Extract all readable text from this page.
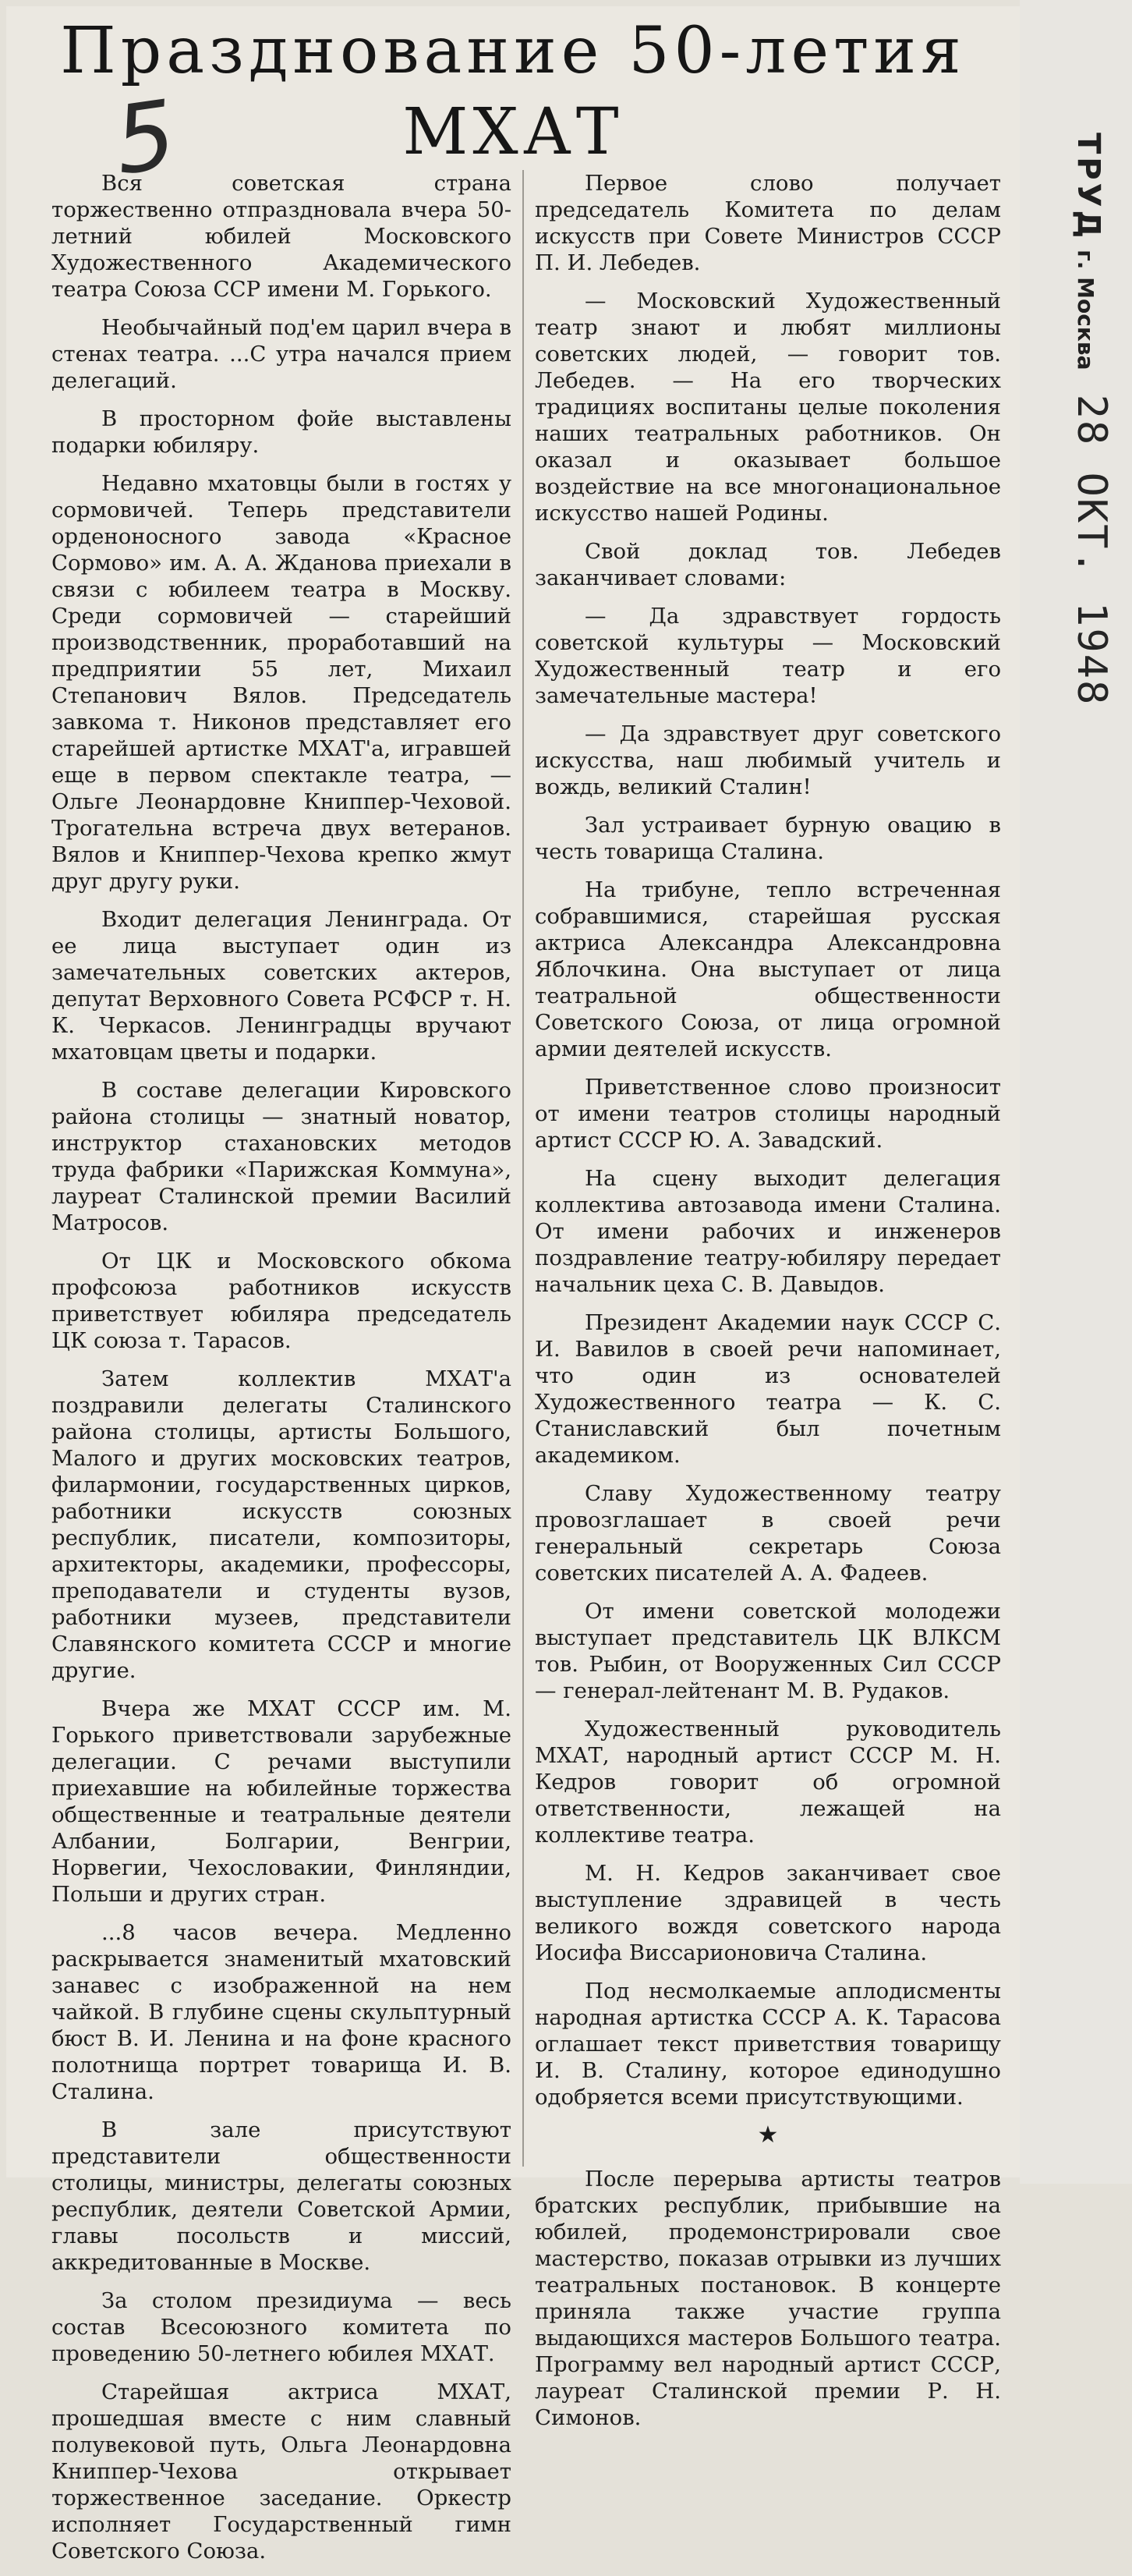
5
Празднование 50-летия
МХАТ

Вся советская страна торжественно отпраздновала вчера 50-летний юбилей Московского Художественного Академического театра Союза ССР имени М. Горького.

Необычайный под'ем царил вчера в стенах театра. ...С утра начался прием делегаций.

В просторном фойе выставлены подарки юбиляру.

Недавно мхатовцы были в гостях у сормовичей. Теперь представители орденоносного завода «Красное Сормово» им. А. А. Жданова приехали в связи с юбилеем театра в Москву. Среди сормовичей — старейший производственник, проработавший на предприятии 55 лет, Михаил Степанович Вялов. Председатель завкома т. Никонов представляет его старейшей артистке МХАТ'а, игравшей еще в первом спектакле театра, — Ольге Леонардовне Книппер-Чеховой. Трогательна встреча двух ветеранов. Вялов и Книппер-Чехова крепко жмут друг другу руки.

Входит делегация Ленинграда. От ее лица выступает один из замечательных советских актеров, депутат Верховного Совета РСФСР т. Н. К. Черкасов. Ленинградцы вручают мхатовцам цветы и подарки.

В составе делегации Кировского района столицы — знатный новатор, инструктор стахановских методов труда фабрики «Парижская Коммуна», лауреат Сталинской премии Василий Матросов.

От ЦК и Московского обкома профсоюза работников искусств приветствует юбиляра председатель ЦК союза т. Тарасов.

Затем коллектив МХАТ'а поздравили делегаты Сталинского района столицы, артисты Большого, Малого и других московских театров, филармонии, государственных цирков, работники искусств союзных республик, писатели, композиторы, архитекторы, академики, профессоры, преподаватели и студенты вузов, работники музеев, представители Славянского комитета СССР и многие другие.

Вчера же МХАТ СССР им. М. Горького приветствовали зарубежные делегации. С речами выступили приехавшие на юбилейные торжества общественные и театральные деятели Албании, Болгарии, Венгрии, Норвегии, Чехословакии, Финляндии, Польши и других стран.

...8 часов вечера. Медленно раскрывается знаменитый мхатовский занавес с изображенной на нем чайкой. В глубине сцены скульптурный бюст В. И. Ленина и на фоне красного полотнища портрет товарища И. В. Сталина.

В зале присутствуют представители общественности столицы, министры, делегаты союзных республик, деятели Советской Армии, главы посольств и миссий, аккредитованные в Москве.

За столом президиума — весь состав Всесоюзного комитета по проведению 50-летнего юбилея МХАТ.

Старейшая актриса МХАТ, прошедшая вместе с ним славный полувековой путь, Ольга Леонардовна Книппер-Чехова открывает торжественное заседание. Оркестр исполняет Государственный гимн Советского Союза.

Первое слово получает председатель Комитета по делам искусств при Совете Министров СССР П. И. Лебедев.

— Московский Художественный театр знают и любят миллионы советских людей, — говорит тов. Лебедев. — На его творческих традициях воспитаны целые поколения наших театральных работников. Он оказал и оказывает большое воздействие на все многонациональное искусство нашей Родины.

Свой доклад тов. Лебедев заканчивает словами:

— Да здравствует гордость советской культуры — Московский Художественный театр и его замечательные мастера!

— Да здравствует друг советского искусства, наш любимый учитель и вождь, великий Сталин!

Зал устраивает бурную овацию в честь товарища Сталина.

На трибуне, тепло встреченная собравшимися, старейшая русская актриса Александра Александровна Яблочкина. Она выступает от лица театральной общественности Советского Союза, от лица огромной армии деятелей искусств.

Приветственное слово произносит от имени театров столицы народный артист СССР Ю. А. Завадский.

На сцену выходит делегация коллектива автозавода имени Сталина. От имени рабочих и инженеров поздравление театру-юбиляру передает начальник цеха С. В. Давыдов.

Президент Академии наук СССР С. И. Вавилов в своей речи напоминает, что один из основателей Художественного театра — К. С. Станиславский был почетным академиком.

Славу Художественному театру провозглашает в своей речи генеральный секретарь Союза советских писателей А. А. Фадеев.

От имени советской молодежи выступает представитель ЦК ВЛКСМ тов. Рыбин, от Вооруженных Сил СССР — генерал-лейтенант М. В. Рудаков.

Художественный руководитель МХАТ, народный артист СССР М. Н. Кедров говорит об огромной ответственности, лежащей на коллективе театра.

М. Н. Кедров заканчивает свое выступление здравицей в честь великого вождя советского народа Иосифа Виссарионовича Сталина.

Под несмолкаемые аплодисменты народная артистка СССР А. К. Тарасова оглашает текст приветствия товарищу И. В. Сталину, которое единодушно одобряется всеми присутствующими.

★

После перерыва артисты театров братских республик, прибывшие на юбилей, продемонстрировали свое мастерство, показав отрывки из лучших театральных постановок. В концерте приняла также участие группа выдающихся мастеров Большого театра. Программу вел народный артист СССР, лауреат Сталинской премии Р. Н. Симонов.

ТРУД г. Москва 28 ОКТ. 1948
